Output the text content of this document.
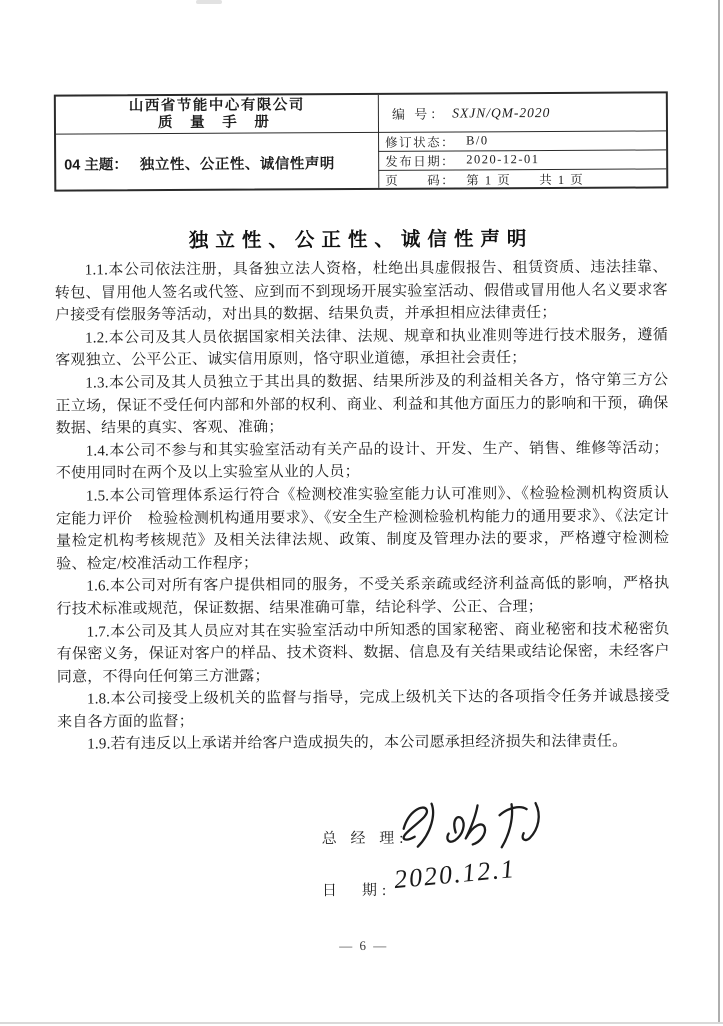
山西省节能中心有限公司
质 量 手 册	编 号： SXJN/QM-2020
04 主题： 独立性、公正性、诚信性声明
修订状态： B/0
发布日期： 2020-12-01
页　　码： 第 1 页　　共 1 页
独立性、公正性、诚信性声明

1.1.本公司依法注册，具备独立法人资格，杜绝出具虚假报告、租赁资质、违法挂靠、转包、冒用他人签名或代签、应到而不到现场开展实验室活动、假借或冒用他人名义要求客户接受有偿服务等活动，对出具的数据、结果负责，并承担相应法律责任；

1.2.本公司及其人员依据国家相关法律、法规、规章和执业准则等进行技术服务，遵循客观独立、公平公正、诚实信用原则，恪守职业道德，承担社会责任；

1.3.本公司及其人员独立于其出具的数据、结果所涉及的利益相关各方，恪守第三方公正立场，保证不受任何内部和外部的权利、商业、利益和其他方面压力的影响和干预，确保数据、结果的真实、客观、准确；

1.4.本公司不参与和其实验室活动有关产品的设计、开发、生产、销售、维修等活动；不使用同时在两个及以上实验室从业的人员；

1.5.本公司管理体系运行符合《检测校准实验室能力认可准则》、《检验检测机构资质认定能力评价　检验检测机构通用要求》、《安全生产检测检验机构能力的通用要求》、《法定计量检定机构考核规范》及相关法律法规、政策、制度及管理办法的要求，严格遵守检测检验、检定/校准活动工作程序；

1.6.本公司对所有客户提供相同的服务，不受关系亲疏或经济利益高低的影响，严格执行技术标准或规范，保证数据、结果准确可靠，结论科学、公正、合理；

1.7.本公司及其人员应对其在实验室活动中所知悉的国家秘密、商业秘密和技术秘密负有保密义务，保证对客户的样品、技术资料、数据、信息及有关结果或结论保密，未经客户同意，不得向任何第三方泄露；

1.8.本公司接受上级机关的监督与指导，完成上级机关下达的各项指令任务并诚恳接受来自各方面的监督；

1.9.若有违反以上承诺并给客户造成损失的，本公司愿承担经济损失和法律责任。

总 经 理:
日　期: 2020.12.1
— 6 —
